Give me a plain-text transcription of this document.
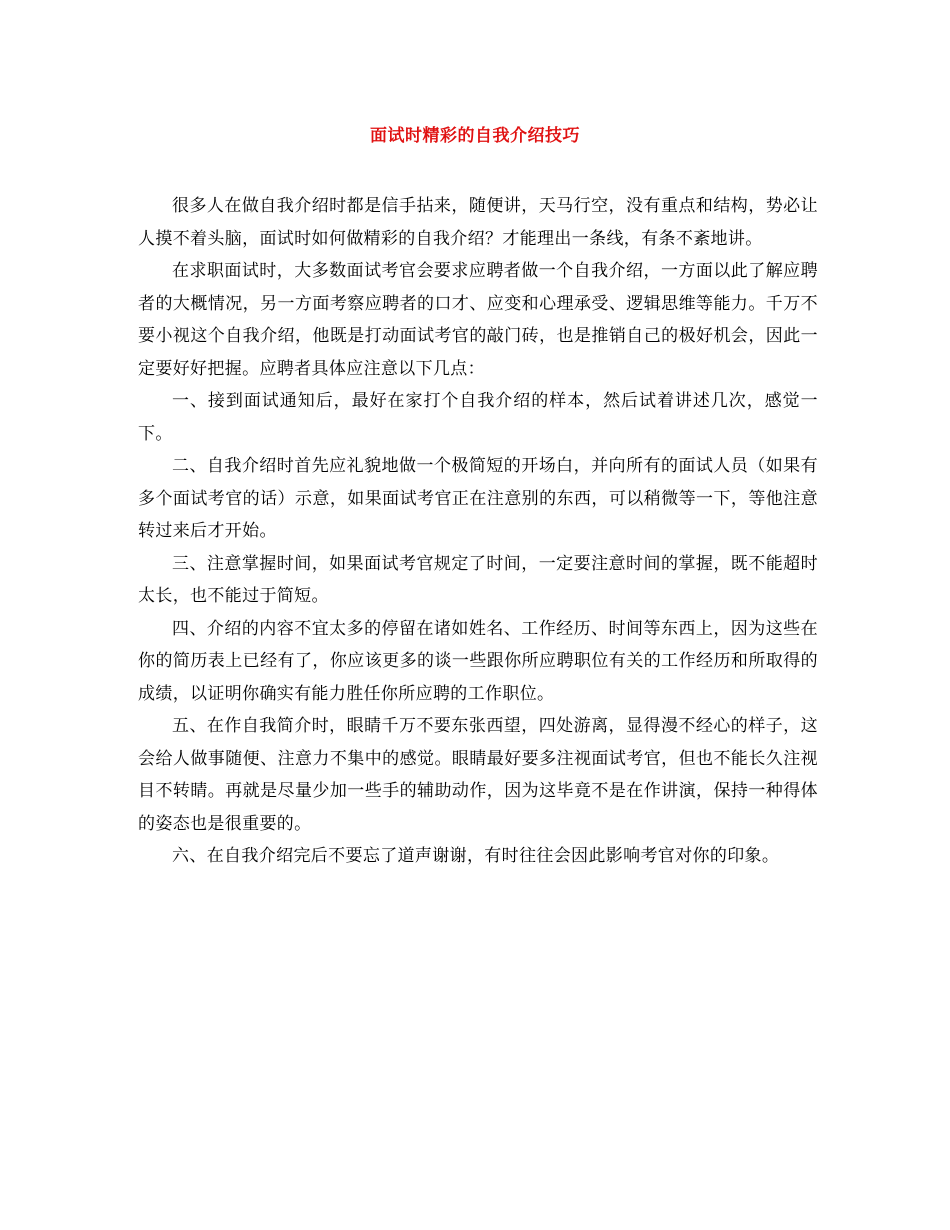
面试时精彩的自我介绍技巧

很多人在做自我介绍时都是信手拈来，随便讲，天马行空，没有重点和结构，势必让人摸不着头脑，面试时如何做精彩的自我介绍？才能理出一条线，有条不紊地讲。

在求职面试时，大多数面试考官会要求应聘者做一个自我介绍，一方面以此了解应聘者的大概情况，另一方面考察应聘者的口才、应变和心理承受、逻辑思维等能力。千万不要小视这个自我介绍，他既是打动面试考官的敲门砖，也是推销自己的极好机会，因此一定要好好把握。应聘者具体应注意以下几点：

一、接到面试通知后，最好在家打个自我介绍的样本，然后试着讲述几次，感觉一下。

二、自我介绍时首先应礼貌地做一个极简短的开场白，并向所有的面试人员（如果有多个面试考官的话）示意，如果面试考官正在注意别的东西，可以稍微等一下，等他注意转过来后才开始。

三、注意掌握时间，如果面试考官规定了时间，一定要注意时间的掌握，既不能超时太长，也不能过于简短。

四、介绍的内容不宜太多的停留在诸如姓名、工作经历、时间等东西上，因为这些在你的简历表上已经有了，你应该更多的谈一些跟你所应聘职位有关的工作经历和所取得的成绩，以证明你确实有能力胜任你所应聘的工作职位。

五、在作自我简介时，眼睛千万不要东张西望，四处游离，显得漫不经心的样子，这会给人做事随便、注意力不集中的感觉。眼睛最好要多注视面试考官，但也不能长久注视目不转睛。再就是尽量少加一些手的辅助动作，因为这毕竟不是在作讲演，保持一种得体的姿态也是很重要的。

六、在自我介绍完后不要忘了道声谢谢，有时往往会因此影响考官对你的印象。
